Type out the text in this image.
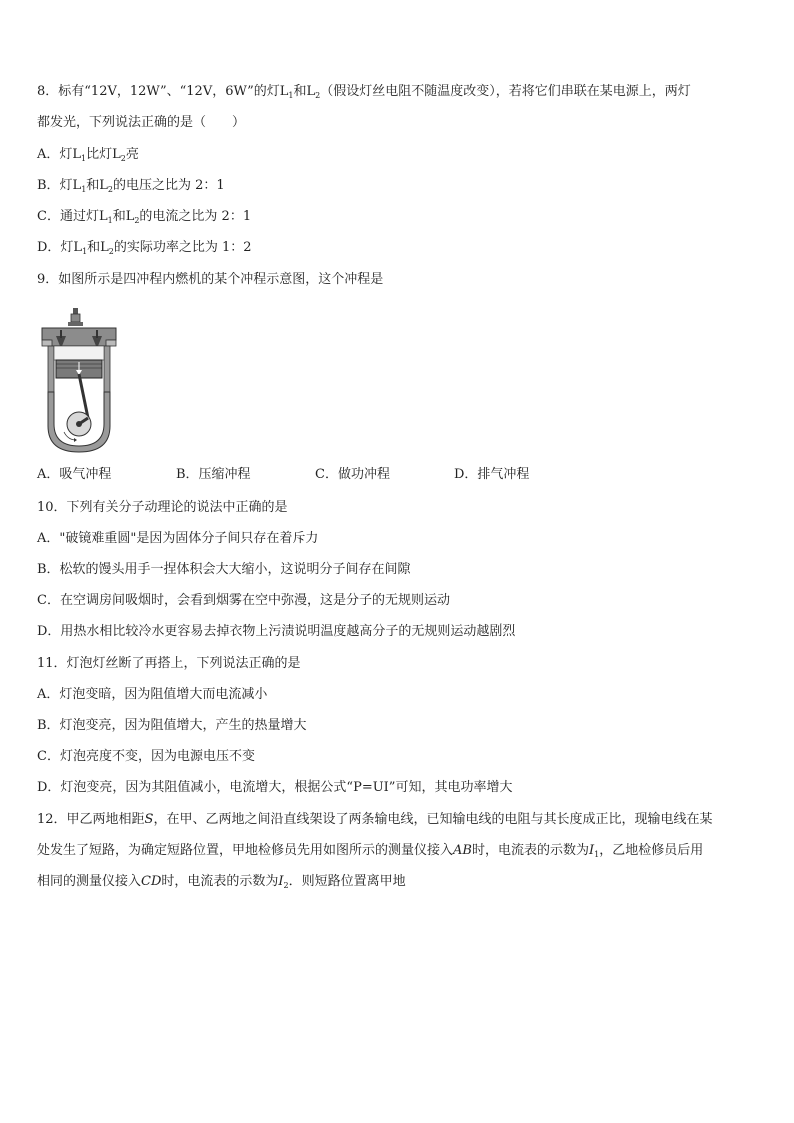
8．标有“12V，12W”、“12V，6W”的灯$L_1$和$L_2$（假设灯丝电阻不随温度改变），若将它们串联在某电源上，两灯
都发光，下列说法正确的是（　　）
A．灯$L_1$比灯$L_2$亮
B．灯$L_1$和$L_2$的电压之比为 2：1
C．通过灯$L_1$和$L_2$的电流之比为 2：1
D．灯$L_1$和$L_2$的实际功率之比为 1：2
9．如图所示是四冲程内燃机的某个冲程示意图，这个冲程是
A．吸气冲程	B．压缩冲程	C．做功冲程	D．排气冲程
10．下列有关分子动理论的说法中正确的是
A．"破镜难重圆"是因为固体分子间只存在着斥力
B．松软的馒头用手一捏体积会大大缩小，这说明分子间存在间隙
C．在空调房间吸烟时，会看到烟雾在空中弥漫，这是分子的无规则运动
D．用热水相比较冷水更容易去掉衣物上污渍说明温度越高分子的无规则运动越剧烈
11．灯泡灯丝断了再搭上，下列说法正确的是
A．灯泡变暗，因为阻值增大而电流减小
B．灯泡变亮，因为阻值增大，产生的热量增大
C．灯泡亮度不变，因为电源电压不变
D．灯泡变亮，因为其阻值减小，电流增大，根据公式“P=UI”可知，其电功率增大
12．甲乙两地相距S，在甲、乙两地之间沿直线架设了两条输电线，已知输电线的电阻与其长度成正比，现输电线在某
处发生了短路，为确定短路位置，甲地检修员先用如图所示的测量仪接入AB时，电流表的示数为$I_1$，乙地检修员后用
相同的测量仪接入CD时，电流表的示数为$I_2$．则短路位置离甲地
